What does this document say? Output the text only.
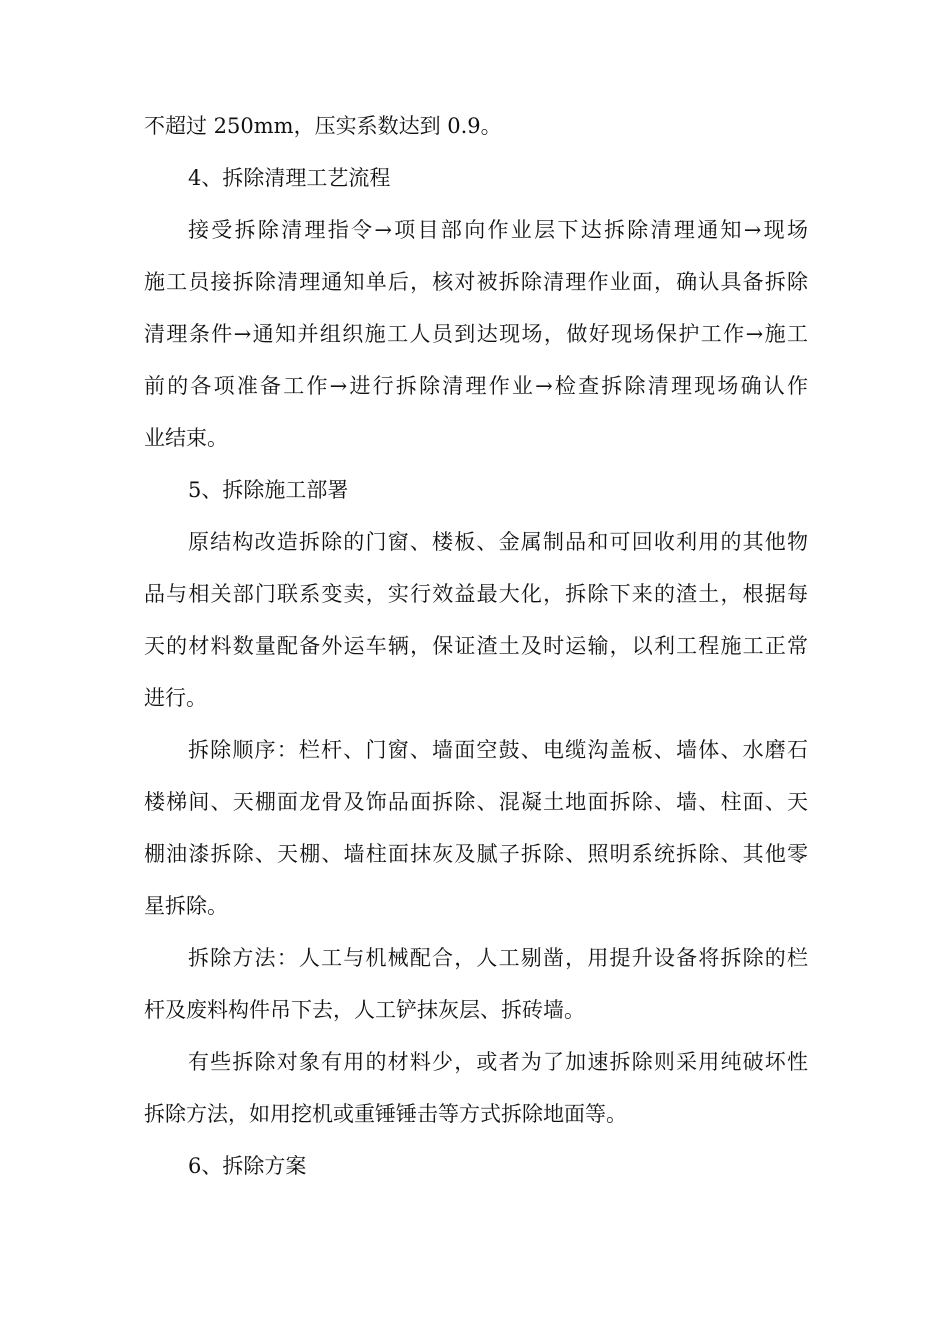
不超过 250mm，压实系数达到 0.9。
4、拆除清理工艺流程
接受拆除清理指令→项目部向作业层下达拆除清理通知→现场
施工员接拆除清理通知单后，核对被拆除清理作业面，确认具备拆除
清理条件→通知并组织施工人员到达现场，做好现场保护工作→施工
前的各项准备工作→进行拆除清理作业→检查拆除清理现场确认作
业结束。
5、拆除施工部署
原结构改造拆除的门窗、楼板、金属制品和可回收利用的其他物
品与相关部门联系变卖，实行效益最大化，拆除下来的渣土，根据每
天的材料数量配备外运车辆，保证渣土及时运输，以利工程施工正常
进行。
拆除顺序：栏杆、门窗、墙面空鼓、电缆沟盖板、墙体、水磨石
楼梯间、天棚面龙骨及饰品面拆除、混凝土地面拆除、墙、柱面、天
棚油漆拆除、天棚、墙柱面抹灰及腻子拆除、照明系统拆除、其他零
星拆除。
拆除方法：人工与机械配合，人工剔凿，用提升设备将拆除的栏
杆及废料构件吊下去，人工铲抹灰层、拆砖墙。
有些拆除对象有用的材料少，或者为了加速拆除则采用纯破坏性
拆除方法，如用挖机或重锤锤击等方式拆除地面等。
6、拆除方案
